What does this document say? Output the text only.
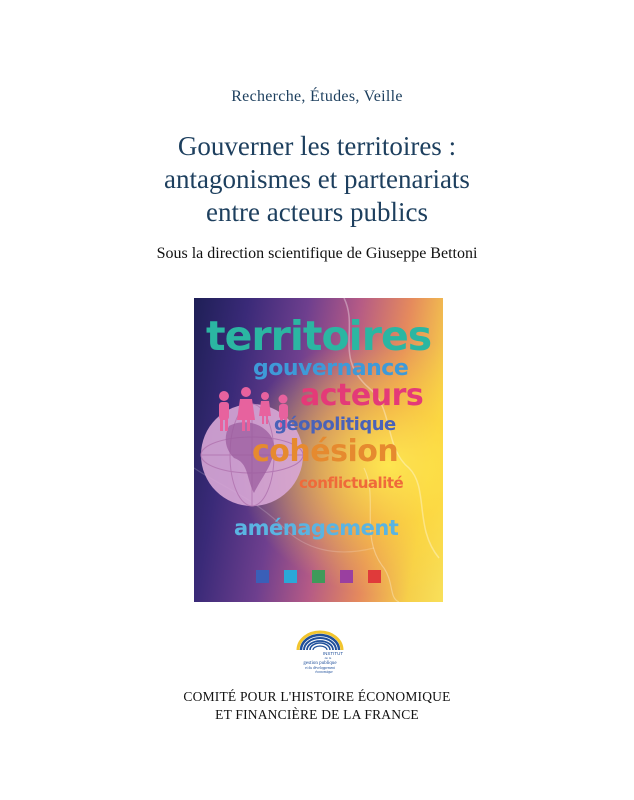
Recherche, Études, Veille
Gouverner les territoires :
antagonismes et partenariats
entre acteurs publics
Sous la direction scientifique de Giuseppe Bettoni
territoires
gouvernance
acteurs
géopolitique
cohésion
conflictualité
aménagement
INSTITUT
de la
gestion publique
et du développement
économique
COMITÉ POUR L'HISTOIRE ÉCONOMIQUE
ET FINANCIÈRE DE LA FRANCE
